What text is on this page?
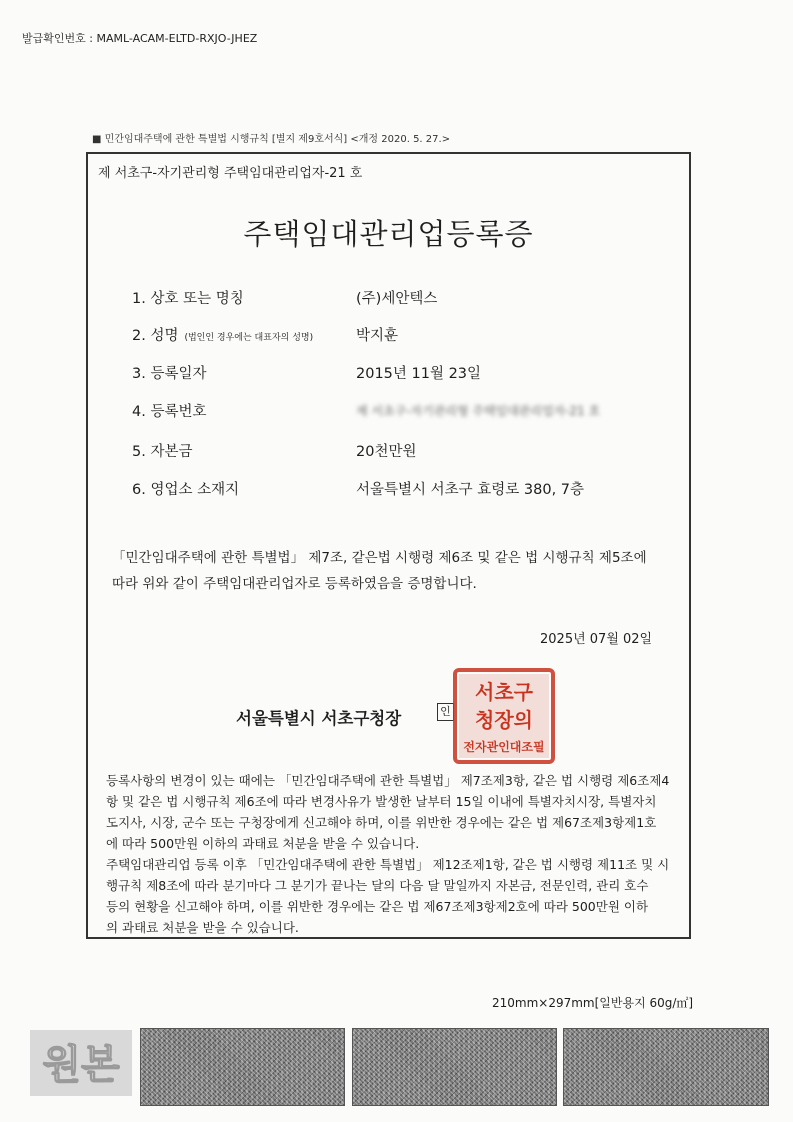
발급확인번호 : MAML-ACAM-ELTD-RXJO-JHEZ
■ 민간임대주택에 관한 특별법 시행규칙 [별지 제9호서식] <개정 2020. 5. 27.>
제 서초구-자기관리형 주택임대관리업자-21 호
주택임대관리업등록증
1. 상호 또는 명칭	(주)세안텍스
2. 성명 (법인인 경우에는 대표자의 성명)	박지훈
3. 등록일자	2015년 11월 23일
4. 등록번호	제 서초구-자기관리형 주택임대관리업자-21 호
5. 자본금	20천만원
6. 영업소 소재지	서울특별시 서초구 효령로 380, 7층
「민간임대주택에 관한 특별법」 제7조, 같은법 시행령 제6조 및 같은 법 시행규칙 제5조에
따라 위와 같이 주택임대관리업자로 등록하였음을 증명합니다.
2025년 07월 02일
서울특별시 서초구청장	인
서초구
청장의
전자관인대조필
등록사항의 변경이 있는 때에는 「민간임대주택에 관한 특별법」 제7조제3항, 같은 법 시행령 제6조제4
항 및 같은 법 시행규칙 제6조에 따라 변경사유가 발생한 날부터 15일 이내에 특별자치시장, 특별자치
도지사, 시장, 군수 또는 구청장에게 신고해야 하며, 이를 위반한 경우에는 같은 법 제67조제3항제1호
에 따라 500만원 이하의 과태료 처분을 받을 수 있습니다.
주택임대관리업 등록 이후 「민간임대주택에 관한 특별법」 제12조제1항, 같은 법 시행령 제11조 및 시
행규칙 제8조에 따라 분기마다 그 분기가 끝나는 달의 다음 달 말일까지 자본금, 전문인력, 관리 호수
등의 현황을 신고해야 하며, 이를 위반한 경우에는 같은 법 제67조제3항제2호에 따라 500만원 이하
의 과태료 처분을 받을 수 있습니다.
210mm×297mm[일반용지 60g/㎡]
원본
